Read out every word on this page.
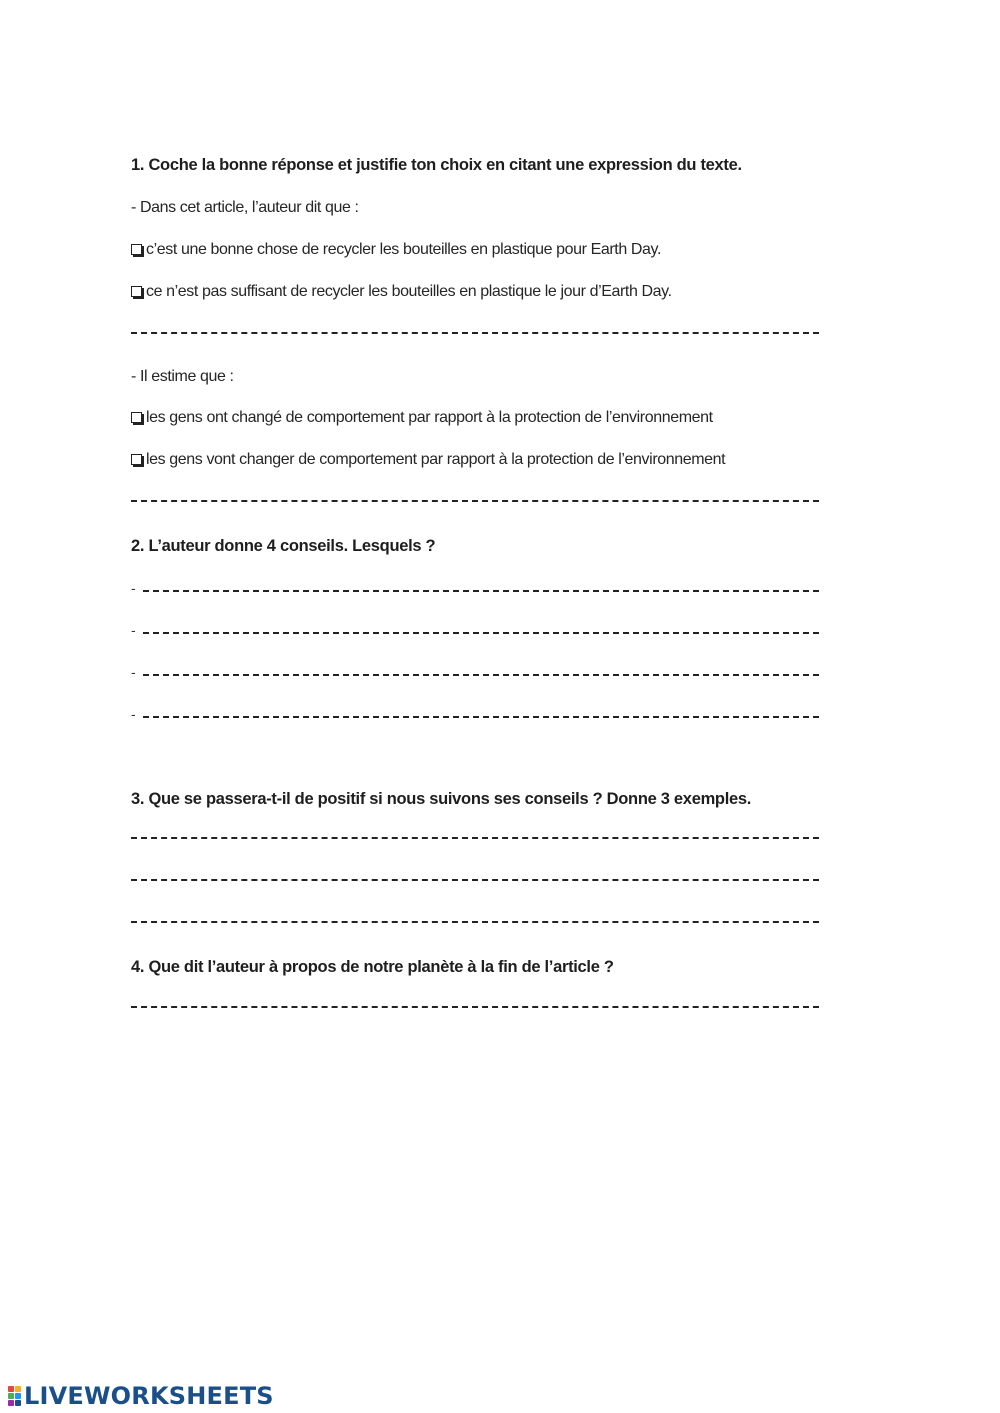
1. Coche la bonne réponse et justifie ton choix en citant une expression du texte.
- Dans cet article, l’auteur dit que :
c’est une bonne chose de recycler les bouteilles en plastique pour Earth Day.
ce n’est pas suffisant de recycler les bouteilles en plastique le jour d’Earth Day.
- Il estime que :
les gens ont changé de comportement par rapport à la protection de l’environnement
les gens vont changer de comportement par rapport à la protection de l’environnement
2. L’auteur donne 4 conseils. Lesquels ?
-
-
-
-
3. Que se passera-t-il de positif si nous suivons ses conseils ? Donne 3 exemples.
4. Que dit l’auteur à propos de notre planète à la fin de l’article ?
LIVEWORKSHEETS
